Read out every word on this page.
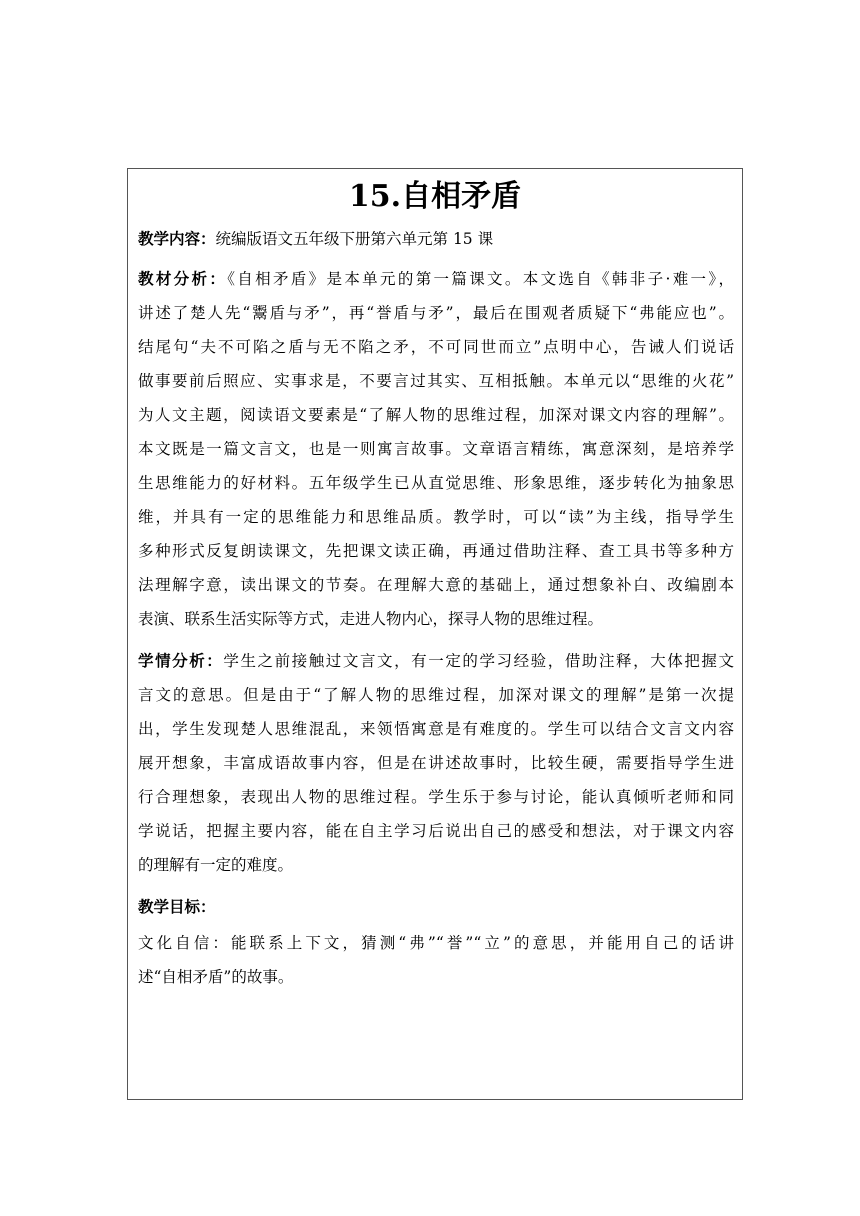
15.自相矛盾
教学内容：统编版语文五年级下册第六单元第 15 课
教材分析：《自相矛盾》是本单元的第一篇课文。本文选自《韩非子·难一》，
讲述了楚人先“鬻盾与矛”，再“誉盾与矛”，最后在围观者质疑下“弗能应也”。
结尾句“夫不可陷之盾与无不陷之矛，不可同世而立”点明中心，告诫人们说话
做事要前后照应、实事求是，不要言过其实、互相抵触。本单元以“思维的火花”
为人文主题，阅读语文要素是“了解人物的思维过程，加深对课文内容的理解”。
本文既是一篇文言文，也是一则寓言故事。文章语言精练，寓意深刻，是培养学
生思维能力的好材料。五年级学生已从直觉思维、形象思维，逐步转化为抽象思
维，并具有一定的思维能力和思维品质。教学时，可以“读”为主线，指导学生
多种形式反复朗读课文，先把课文读正确，再通过借助注释、查工具书等多种方
法理解字意，读出课文的节奏。在理解大意的基础上，通过想象补白、改编剧本
表演、联系生活实际等方式，走进人物内心，探寻人物的思维过程。
学情分析：学生之前接触过文言文，有一定的学习经验，借助注释，大体把握文
言文的意思。但是由于“了解人物的思维过程，加深对课文的理解”是第一次提
出，学生发现楚人思维混乱，来领悟寓意是有难度的。学生可以结合文言文内容
展开想象，丰富成语故事内容，但是在讲述故事时，比较生硬，需要指导学生进
行合理想象，表现出人物的思维过程。学生乐于参与讨论，能认真倾听老师和同
学说话，把握主要内容，能在自主学习后说出自己的感受和想法，对于课文内容
的理解有一定的难度。
教学目标：
文化自信：能联系上下文，猜测“弗”“誉”“立”的意思，并能用自己的话讲
述“自相矛盾”的故事。
